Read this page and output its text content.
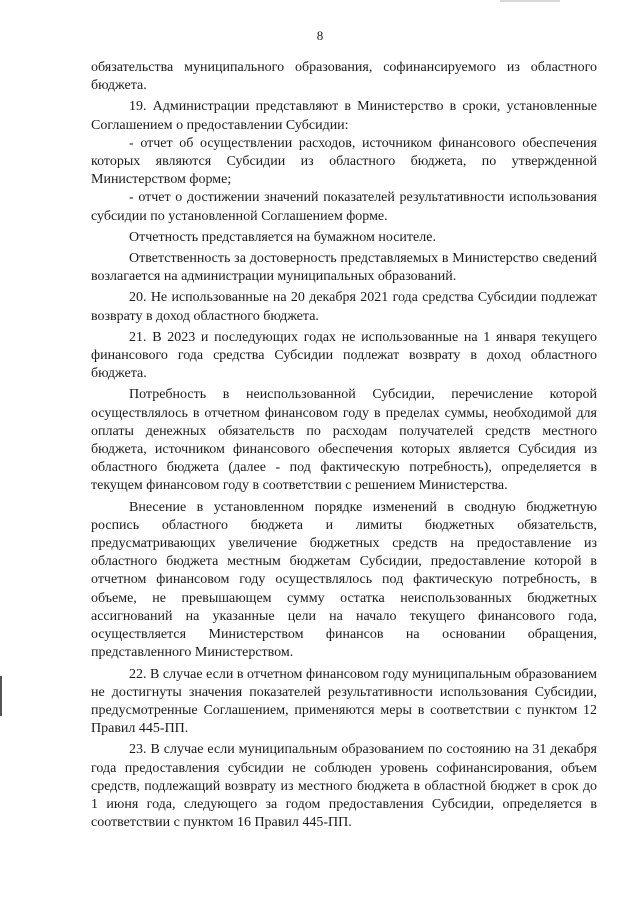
8

обязательства муниципального образования, софинансируемого из областного бюджета.

19. Администрации представляют в Министерство в сроки, установленные Соглашением о предоставлении Субсидии:

- отчет об осуществлении расходов, источником финансового обеспечения которых являются Субсидии из областного бюджета, по утвержденной Министерством форме;

- отчет о достижении значений показателей результативности использования субсидии по установленной Соглашением форме.

Отчетность представляется на бумажном носителе.

Ответственность за достоверность представляемых в Министерство сведений возлагается на администрации муниципальных образований.

20. Не использованные на 20 декабря 2021 года средства Субсидии подлежат возврату в доход областного бюджета.

21. В 2023 и последующих годах не использованные на 1 января текущего финансового года средства Субсидии подлежат возврату в доход областного бюджета.

Потребность в неиспользованной Субсидии, перечисление которой осуществлялось в отчетном финансовом году в пределах суммы, необходимой для оплаты денежных обязательств по расходам получателей средств местного бюджета, источником финансового обеспечения которых является Субсидия из областного бюджета (далее - под фактическую потребность), определяется в текущем финансовом году в соответствии с решением Министерства.

Внесение в установленном порядке изменений в сводную бюджетную роспись областного бюджета и лимиты бюджетных обязательств, предусматривающих увеличение бюджетных средств на предоставление из областного бюджета местным бюджетам Субсидии, предоставление которой в отчетном финансовом году осуществлялось под фактическую потребность, в объеме, не превышающем сумму остатка неиспользованных бюджетных ассигнований на указанные цели на начало текущего финансового года, осуществляется Министерством финансов на основании обращения, представленного Министерством.

22. В случае если в отчетном финансовом году муниципальным образованием не достигнуты значения показателей результативности использования Субсидии, предусмотренные Соглашением, применяются меры в соответствии с пунктом 12 Правил 445-ПП.

23. В случае если муниципальным образованием по состоянию на 31 декабря года предоставления субсидии не соблюден уровень софинансирования, объем средств, подлежащий возврату из местного бюджета в областной бюджет в срок до 1 июня года, следующего за годом предоставления Субсидии, определяется в соответствии с пунктом 16 Правил 445-ПП.
